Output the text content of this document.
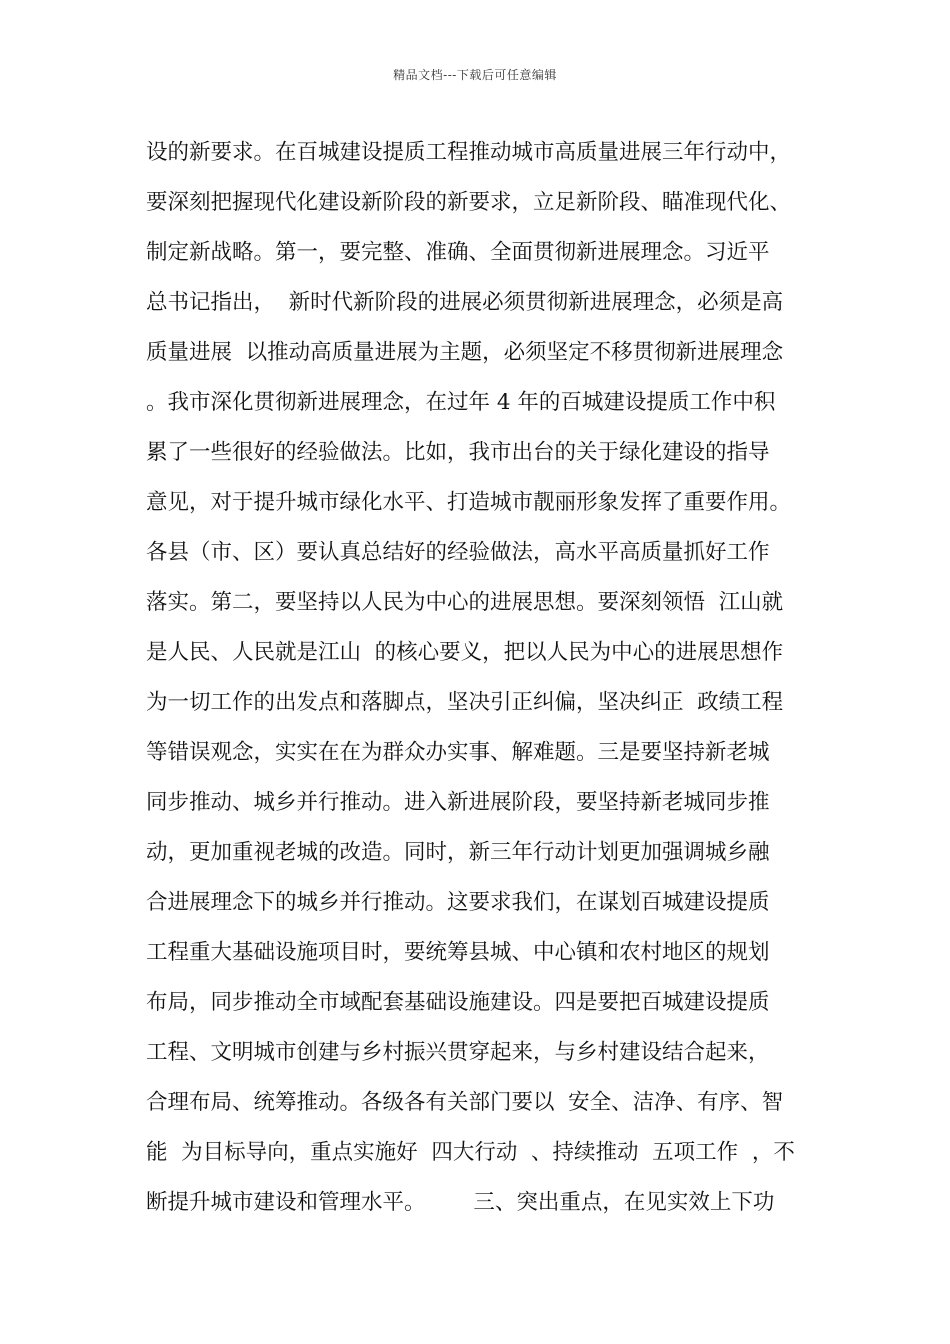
精品文档---下载后可任意编辑
设的新要求。在百城建设提质工程推动城市高质量进展三年行动中，
要深刻把握现代化建设新阶段的新要求，立足新阶段、瞄准现代化、
制定新战略。第一，要完整、准确、全面贯彻新进展理念。习近平
总书记指出，  新时代新阶段的进展必须贯彻新进展理念，必须是高
质量进展  以推动高质量进展为主题，必须坚定不移贯彻新进展理念
。我市深化贯彻新进展理念，在过年 4 年的百城建设提质工作中积
累了一些很好的经验做法。比如，我市出台的关于绿化建设的指导
意见，对于提升城市绿化水平、打造城市靓丽形象发挥了重要作用。
各县（市、区）要认真总结好的经验做法，高水平高质量抓好工作
落实。第二，要坚持以人民为中心的进展思想。要深刻领悟  江山就
是人民、人民就是江山  的核心要义，把以人民为中心的进展思想作
为一切工作的出发点和落脚点，坚决引正纠偏，坚决纠正  政绩工程
等错误观念，实实在在为群众办实事、解难题。三是要坚持新老城
同步推动、城乡并行推动。进入新进展阶段，要坚持新老城同步推
动，更加重视老城的改造。同时，新三年行动计划更加强调城乡融
合进展理念下的城乡并行推动。这要求我们，在谋划百城建设提质
工程重大基础设施项目时，要统筹县城、中心镇和农村地区的规划
布局，同步推动全市域配套基础设施建设。四是要把百城建设提质
工程、文明城市创建与乡村振兴贯穿起来，与乡村建设结合起来，
合理布局、统筹推动。各级各有关部门要以  安全、洁净、有序、智
能  为目标导向，重点实施好  四大行动  、持续推动  五项工作  ，不
断提升城市建设和管理水平。       三、突出重点，在见实效上下功
